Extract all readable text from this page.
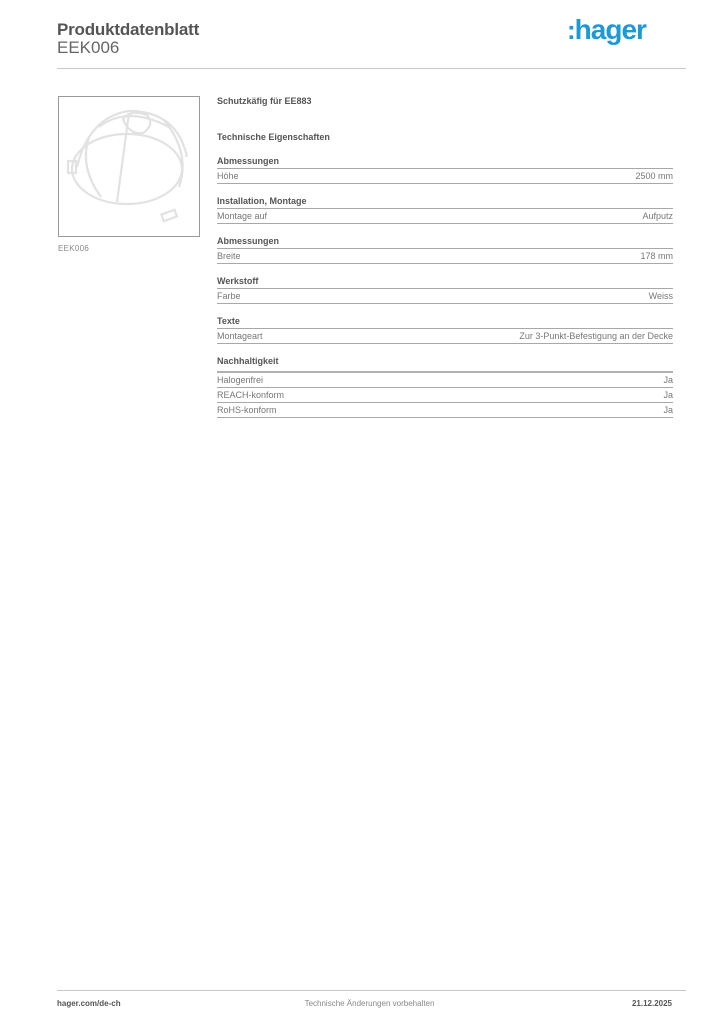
Produktdatenblatt
EEK006
:hager
EEK006
Schutzkäfig für EE883
Technische Eigenschaften
Abmessungen
Höhe	2500 mm
Installation, Montage
Montage auf	Aufputz
Abmessungen
Breite	178 mm
Werkstoff
Farbe	Weiss
Texte
Montageart	Zur 3-Punkt-Befestigung an der Decke
Nachhaltigkeit
Halogenfrei	Ja
REACH-konform	Ja
RoHS-konform	Ja
hager.com/de-ch	Technische Änderungen vorbehalten	21.12.2025
